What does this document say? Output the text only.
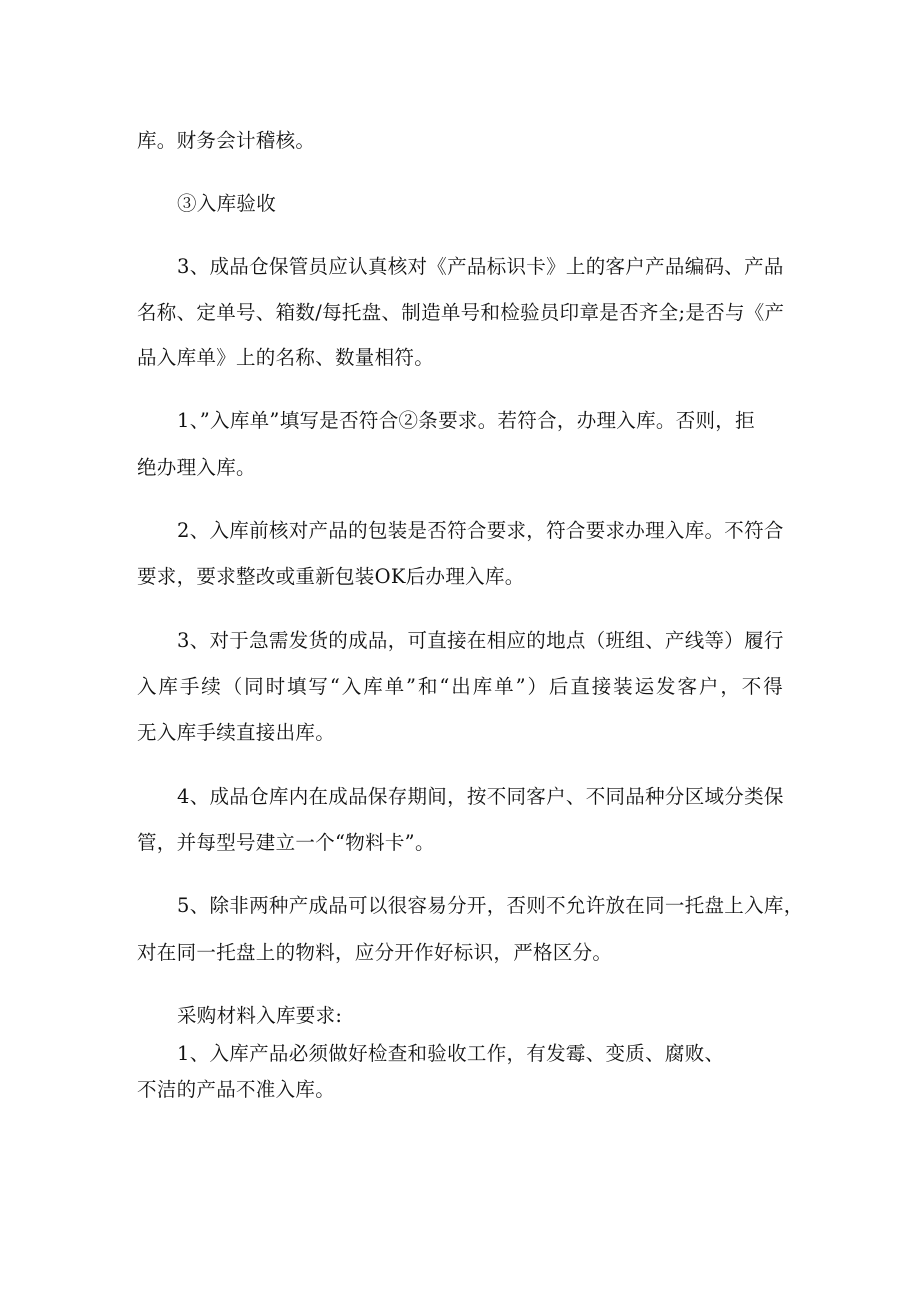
库。财务会计稽核。
③入库验收
3、成品仓保管员应认真核对《产品标识卡》上的客户产品编码、产品
名称、定单号、箱数/每托盘、制造单号和检验员印章是否齐全;是否与《产
品入库单》上的名称、数量相符。
1、”入库单”填写是否符合②条要求。若符合，办理入库。否则，拒
绝办理入库。
2、入库前核对产品的包装是否符合要求，符合要求办理入库。不符合
要求，要求整改或重新包装OK后办理入库。
3、对于急需发货的成品，可直接在相应的地点（班组、产线等）履行
入库手续（同时填写“入库单”和“出库单”）后直接装运发客户，不得
无入库手续直接出库。
4、成品仓库内在成品保存期间，按不同客户、不同品种分区域分类保
管，并每型号建立一个“物料卡”。
5、除非两种产成品可以很容易分开，否则不允许放在同一托盘上入库，
对在同一托盘上的物料，应分开作好标识，严格区分。
采购材料入库要求:
1、入库产品必须做好检查和验收工作，有发霉、变质、腐败、
不洁的产品不准入库。
